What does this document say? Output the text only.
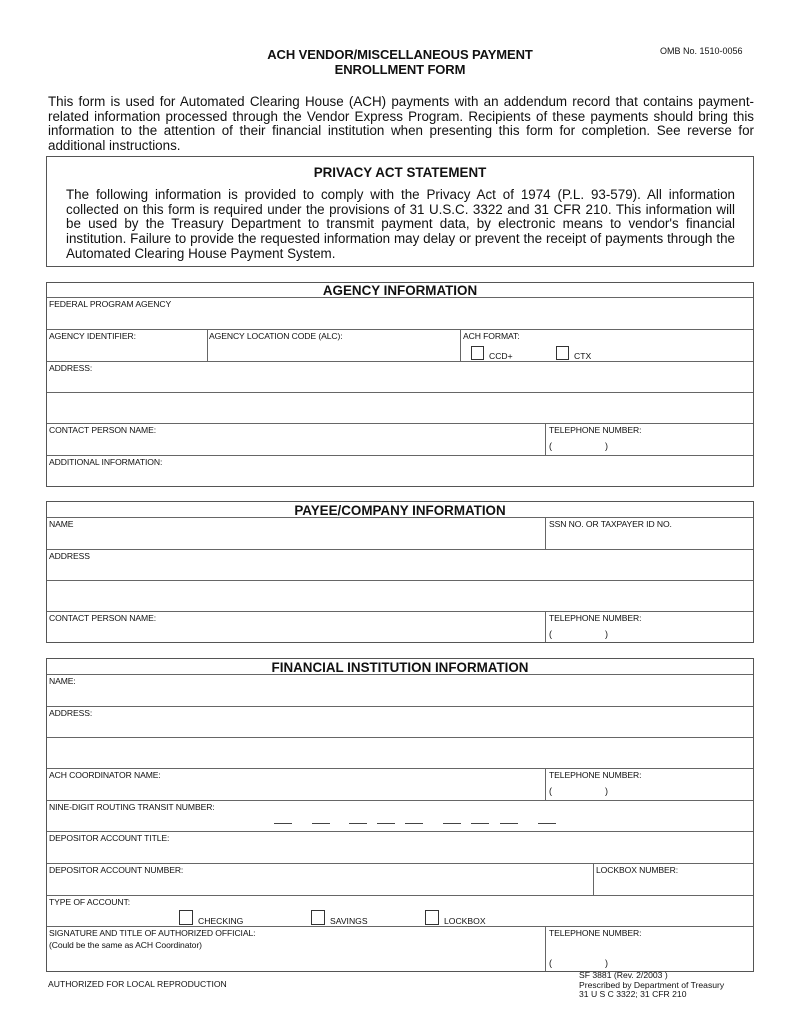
ACH VENDOR/MISCELLANEOUS PAYMENT
ENROLLMENT FORM
OMB No. 1510-0056
This form is used for Automated Clearing House (ACH) payments with an addendum record that contains payment-related information processed through the Vendor Express Program. Recipients of these payments should bring this information to the attention of their financial institution when presenting this form for completion. See reverse for additional instructions.
PRIVACY ACT STATEMENT
The following information is provided to comply with the Privacy Act of 1974 (P.L. 93-579). All information collected on this form is required under the provisions of 31 U.S.C. 3322 and 31 CFR 210. This information will be used by the Treasury Department to transmit payment data, by electronic means to vendor's financial institution. Failure to provide the requested information may delay or prevent the receipt of payments through the Automated Clearing House Payment System.
AGENCY INFORMATION
FEDERAL PROGRAM AGENCY
AGENCY IDENTIFIER:	AGENCY LOCATION CODE (ALC):	ACH FORMAT:
CCD+	CTX
ADDRESS:
CONTACT PERSON NAME:	TELEPHONE NUMBER:
(	)
ADDITIONAL INFORMATION:
PAYEE/COMPANY INFORMATION
NAME	SSN NO. OR TAXPAYER ID NO.
ADDRESS
CONTACT PERSON NAME:	TELEPHONE NUMBER:
(	)
FINANCIAL INSTITUTION INFORMATION
NAME:
ADDRESS:
ACH COORDINATOR NAME:	TELEPHONE NUMBER:
(	)
NINE-DIGIT ROUTING TRANSIT NUMBER:
DEPOSITOR ACCOUNT TITLE:
DEPOSITOR ACCOUNT NUMBER:	LOCKBOX NUMBER:
TYPE OF ACCOUNT:
CHECKING	SAVINGS	LOCKBOX
SIGNATURE AND TITLE OF AUTHORIZED OFFICIAL:
(Could be the same as ACH Coordinator)
TELEPHONE NUMBER:
(	)
AUTHORIZED FOR LOCAL REPRODUCTION
SF 3881 (Rev. 2/2003 )
Prescribed by Department of Treasury
31 U S C 3322; 31 CFR 210
